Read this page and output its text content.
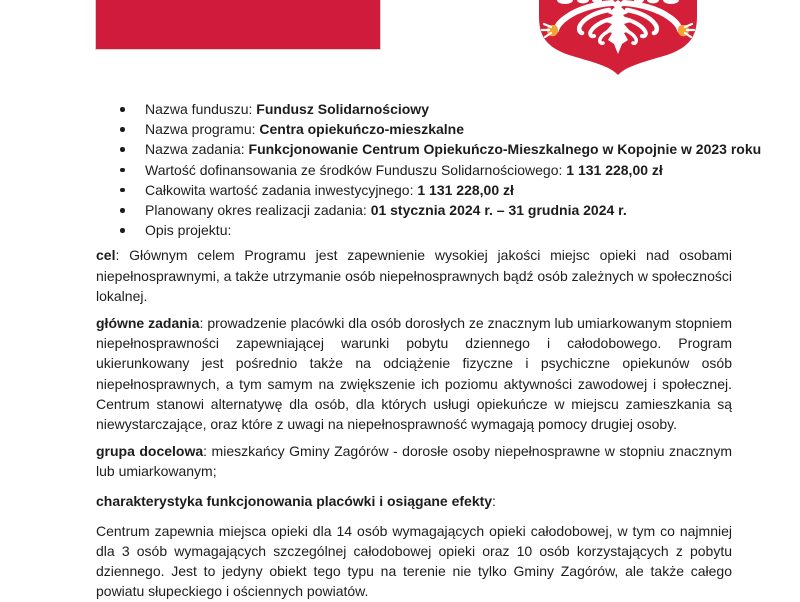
Nazwa funduszu: Fundusz Solidarnościowy
Nazwa programu: Centra opiekuńczo-mieszkalne
Nazwa zadania: Funkcjonowanie Centrum Opiekuńczo-Mieszkalnego w Kopojnie w 2023 roku
Wartość dofinansowania ze środków Funduszu Solidarnościowego: 1 131 228,00 zł
Całkowita wartość zadania inwestycyjnego: 1 131 228,00 zł
Planowany okres realizacji zadania: 01 stycznia 2024 r. – 31 grudnia 2024 r.
Opis projektu:

cel: Głównym celem Programu jest zapewnienie wysokiej jakości miejsc opieki nad osobami niepełnosprawnymi, a także utrzymanie osób niepełnosprawnych bądź osób zależnych w społeczności lokalnej.

główne zadania: prowadzenie placówki dla osób dorosłych ze znacznym lub umiarkowanym stopniem niepełnosprawności zapewniającej warunki pobytu dziennego i całodobowego. Program ukierunkowany jest pośrednio także na odciążenie fizyczne i psychiczne opiekunów osób niepełnosprawnych, a tym samym na zwiększenie ich poziomu aktywności zawodowej i społecznej. Centrum stanowi alternatywę dla osób, dla których usługi opiekuńcze w miejscu zamieszkania są niewystarczające, oraz które z uwagi na niepełnosprawność wymagają pomocy drugiej osoby.

grupa docelowa: mieszkańcy Gminy Zagórów - dorosłe osoby niepełnosprawne w stopniu znacznym lub umiarkowanym;

charakterystyka funkcjonowania placówki i osiągane efekty:

Centrum zapewnia miejsca opieki dla 14 osób wymagających opieki całodobowej, w tym co najmniej dla 3 osób wymagających szczególnej całodobowej opieki oraz 10 osób korzystających z pobytu dziennego. Jest to jedyny obiekt tego typu na terenie nie tylko Gminy Zagórów, ale także całego powiatu słupeckiego i ościennych powiatów.
